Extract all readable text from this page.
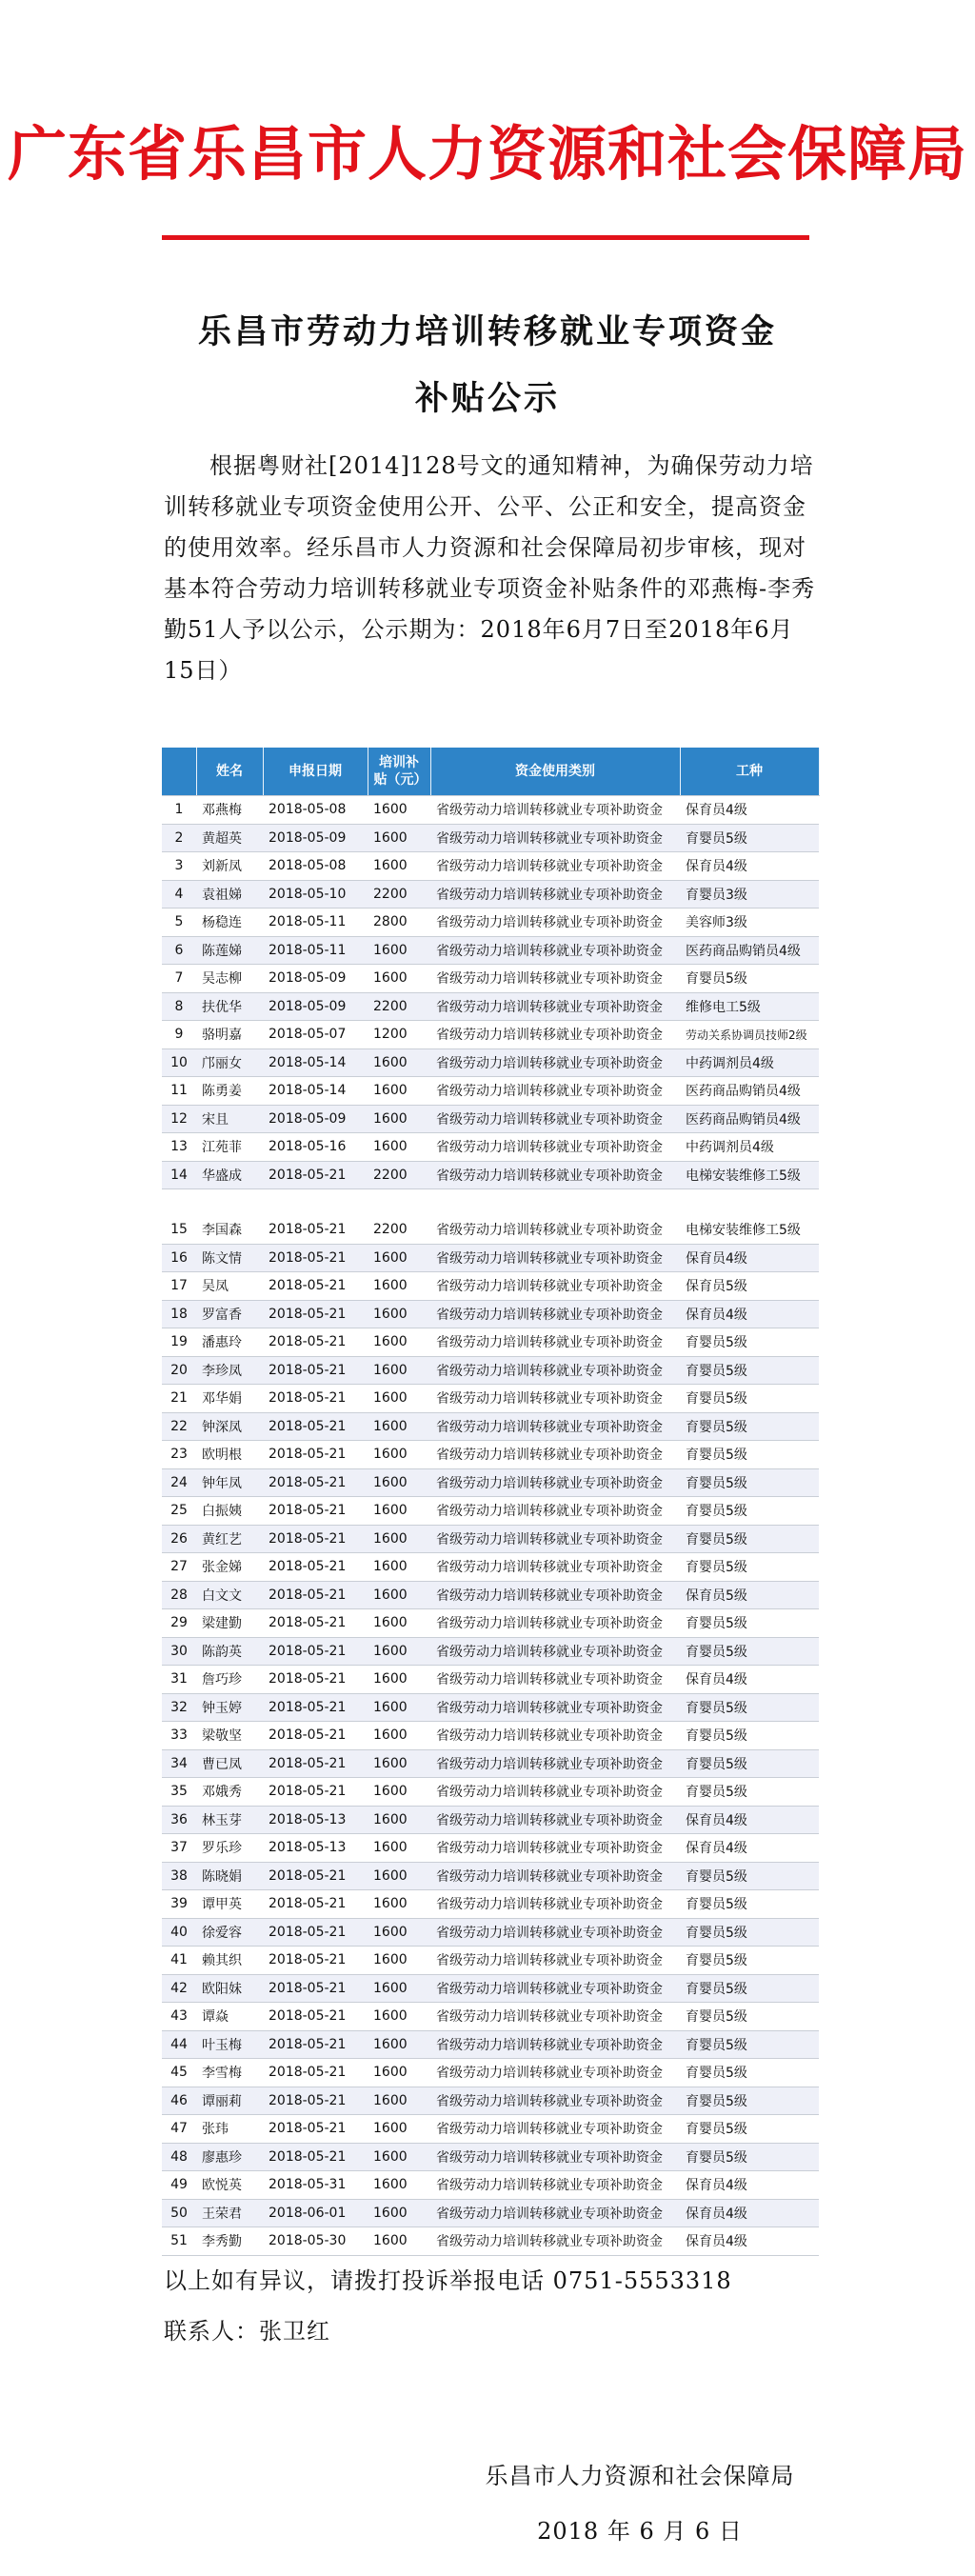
广东省乐昌市人力资源和社会保障局
乐昌市劳动力培训转移就业专项资金
补贴公示

根据粤财社[2014]128号文的通知精神，为确保劳动力培训转移就业专项资金使用公开、公平、公正和安全，提高资金的使用效率。经乐昌市人力资源和社会保障局初步审核，现对基本符合劳动力培训转移就业专项资金补贴条件的邓燕梅-李秀勤51人予以公示，公示期为：2018年6月7日至2018年6月15日）

	姓名	申报日期	培训补贴（元）	资金使用类别	工种
1	邓燕梅	2018-05-08	1600	省级劳动力培训转移就业专项补助资金	保育员4级
2	黄超英	2018-05-09	1600	省级劳动力培训转移就业专项补助资金	育婴员5级
3	刘新凤	2018-05-08	1600	省级劳动力培训转移就业专项补助资金	保育员4级
4	袁祖娣	2018-05-10	2200	省级劳动力培训转移就业专项补助资金	育婴员3级
5	杨稳连	2018-05-11	2800	省级劳动力培训转移就业专项补助资金	美容师3级
6	陈莲娣	2018-05-11	1600	省级劳动力培训转移就业专项补助资金	医药商品购销员4级
7	吴志柳	2018-05-09	1600	省级劳动力培训转移就业专项补助资金	育婴员5级
8	扶优华	2018-05-09	2200	省级劳动力培训转移就业专项补助资金	维修电工5级
9	骆明嘉	2018-05-07	1200	省级劳动力培训转移就业专项补助资金	劳动关系协调员技师2级
10	邝丽女	2018-05-14	1600	省级劳动力培训转移就业专项补助资金	中药调剂员4级
11	陈勇姜	2018-05-14	1600	省级劳动力培训转移就业专项补助资金	医药商品购销员4级
12	宋且	2018-05-09	1600	省级劳动力培训转移就业专项补助资金	医药商品购销员4级
13	江苑菲	2018-05-16	1600	省级劳动力培训转移就业专项补助资金	中药调剂员4级
14	华盛成	2018-05-21	2200	省级劳动力培训转移就业专项补助资金	电梯安装维修工5级
15	李国森	2018-05-21	2200	省级劳动力培训转移就业专项补助资金	电梯安装维修工5级
16	陈文情	2018-05-21	1600	省级劳动力培训转移就业专项补助资金	保育员4级
17	吴凤	2018-05-21	1600	省级劳动力培训转移就业专项补助资金	保育员5级
18	罗富香	2018-05-21	1600	省级劳动力培训转移就业专项补助资金	保育员4级
19	潘惠玲	2018-05-21	1600	省级劳动力培训转移就业专项补助资金	育婴员5级
20	李珍凤	2018-05-21	1600	省级劳动力培训转移就业专项补助资金	育婴员5级
21	邓华娟	2018-05-21	1600	省级劳动力培训转移就业专项补助资金	育婴员5级
22	钟深凤	2018-05-21	1600	省级劳动力培训转移就业专项补助资金	育婴员5级
23	欧明根	2018-05-21	1600	省级劳动力培训转移就业专项补助资金	育婴员5级
24	钟年凤	2018-05-21	1600	省级劳动力培训转移就业专项补助资金	育婴员5级
25	白振姨	2018-05-21	1600	省级劳动力培训转移就业专项补助资金	育婴员5级
26	黄红艺	2018-05-21	1600	省级劳动力培训转移就业专项补助资金	育婴员5级
27	张金娣	2018-05-21	1600	省级劳动力培训转移就业专项补助资金	育婴员5级
28	白文文	2018-05-21	1600	省级劳动力培训转移就业专项补助资金	保育员5级
29	梁建勤	2018-05-21	1600	省级劳动力培训转移就业专项补助资金	育婴员5级
30	陈韵英	2018-05-21	1600	省级劳动力培训转移就业专项补助资金	育婴员5级
31	詹巧珍	2018-05-21	1600	省级劳动力培训转移就业专项补助资金	保育员4级
32	钟玉婷	2018-05-21	1600	省级劳动力培训转移就业专项补助资金	育婴员5级
33	梁敬坚	2018-05-21	1600	省级劳动力培训转移就业专项补助资金	育婴员5级
34	曹已凤	2018-05-21	1600	省级劳动力培训转移就业专项补助资金	育婴员5级
35	邓娥秀	2018-05-21	1600	省级劳动力培训转移就业专项补助资金	育婴员5级
36	林玉芽	2018-05-13	1600	省级劳动力培训转移就业专项补助资金	保育员4级
37	罗乐珍	2018-05-13	1600	省级劳动力培训转移就业专项补助资金	保育员4级
38	陈晓娟	2018-05-21	1600	省级劳动力培训转移就业专项补助资金	育婴员5级
39	谭甲英	2018-05-21	1600	省级劳动力培训转移就业专项补助资金	育婴员5级
40	徐爱容	2018-05-21	1600	省级劳动力培训转移就业专项补助资金	育婴员5级
41	赖其织	2018-05-21	1600	省级劳动力培训转移就业专项补助资金	育婴员5级
42	欧阳妹	2018-05-21	1600	省级劳动力培训转移就业专项补助资金	育婴员5级
43	谭焱	2018-05-21	1600	省级劳动力培训转移就业专项补助资金	育婴员5级
44	叶玉梅	2018-05-21	1600	省级劳动力培训转移就业专项补助资金	育婴员5级
45	李雪梅	2018-05-21	1600	省级劳动力培训转移就业专项补助资金	育婴员5级
46	谭丽莉	2018-05-21	1600	省级劳动力培训转移就业专项补助资金	育婴员5级
47	张玮	2018-05-21	1600	省级劳动力培训转移就业专项补助资金	育婴员5级
48	廖惠珍	2018-05-21	1600	省级劳动力培训转移就业专项补助资金	育婴员5级
49	欧悦英	2018-05-31	1600	省级劳动力培训转移就业专项补助资金	保育员4级
50	王荣君	2018-06-01	1600	省级劳动力培训转移就业专项补助资金	保育员4级
51	李秀勤	2018-05-30	1600	省级劳动力培训转移就业专项补助资金	保育员4级

以上如有异议，请拨打投诉举报电话 0751-5553318

联系人：张卫红

乐昌市人力资源和社会保障局

2018 年 6 月 6 日
